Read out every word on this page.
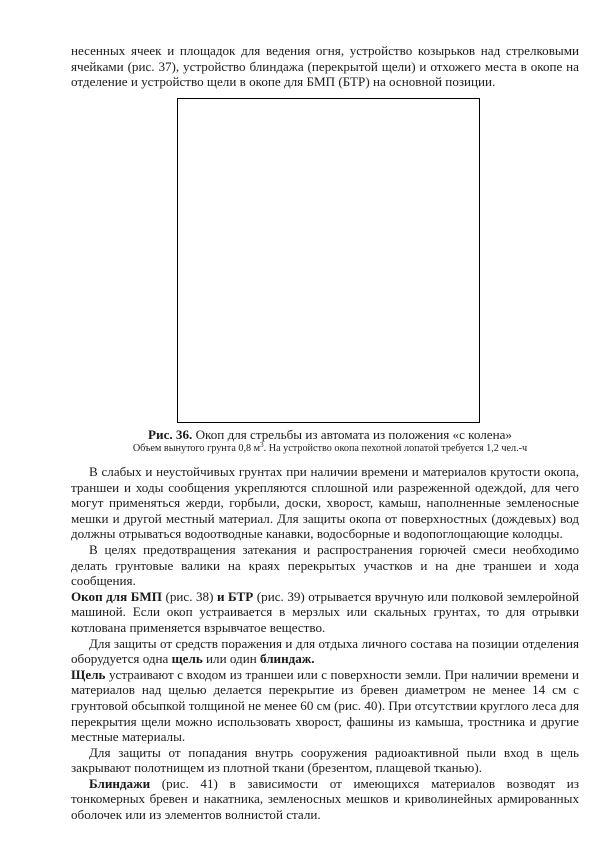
несенных ячеек и площадок для ведения огня, устройство козырьков над стрелковыми ячейками (рис. 37), устройство блиндажа (перекрытой щели) и отхожего места в окопе на отделение и устройство щели в окопе для БМП (БТР) на основной позиции.

Рис. 36. Окоп для стрельбы из автомата из положения «с колена»
Объем вынутого грунта 0,8 $м^3$. На устройство окопа пехотной лопатой требуется 1,2 чел.-ч

В слабых и неустойчивых грунтах при наличии времени и материалов крутости окопа, траншеи и ходы сообщения укрепляются сплошной или разреженной одеждой, для чего могут применяться жерди, горбыли, доски, хворост, камыш, наполненные земленосные мешки и другой местный материал. Для защиты окопа от поверхностных (дождевых) вод должны отрываться водоотводные канавки, водосборные и водопоглощающие колодцы.

В целях предотвращения затекания и распространения горючей смеси необходимо делать грунтовые валики на краях перекрытых участков и на дне траншеи и хода сообщения.

Окоп для БМП (рис. 38) и БТР (рис. 39) отрывается вручную или полковой землеройной машиной. Если окоп устраивается в мерзлых или скальных грунтах, то для отрывки котлована применяется взрывчатое вещество.

Для защиты от средств поражения и для отдыха личного состава на позиции отделения оборудуется одна щель или один блиндаж.

Щель устраивают с входом из траншеи или с поверхности земли. При наличии времени и материалов над щелью делается перекрытие из бревен диаметром не менее 14 см с грунтовой обсыпкой толщиной не менее 60 см (рис. 40). При отсутствии круглого леса для перекрытия щели можно использовать хворост, фашины из камыша, тростника и другие местные материалы.

Для защиты от попадания внутрь сооружения радиоактивной пыли вход в щель закрывают полотнищем из плотной ткани (брезентом, плащевой тканью).

Блиндажи (рис. 41) в зависимости от имеющихся материалов возводят из тонкомерных бревен и накатника, земленосных мешков и криволинейных армированных оболочек или из элементов волнистой стали.
